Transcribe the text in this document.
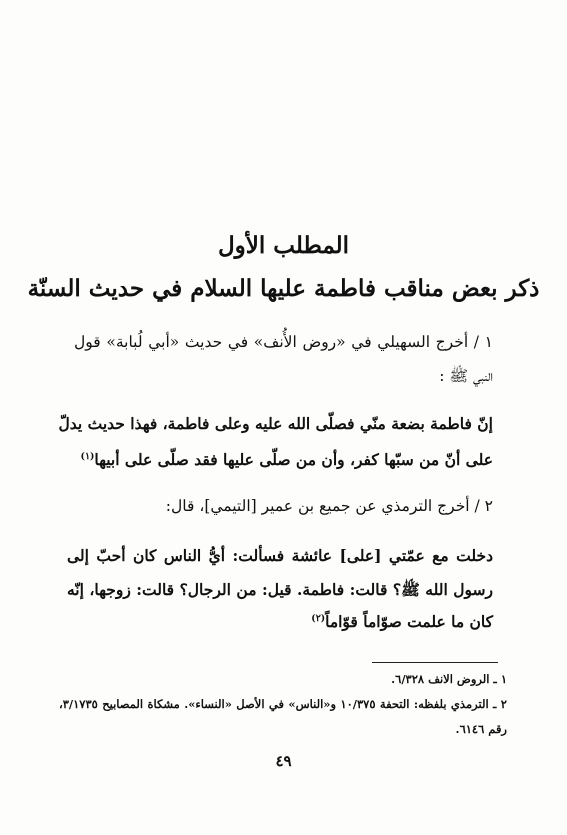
المطلب الأول
ذكر بعض مناقب فاطمة عليها السلام في حديث السنّة
١ / أخرج السهيلي في «روض الأُنف» في حديث «أبي لُبابة» قول
النبي ﷺ :
إنّ فاطمة بضعة منّي فصلّى الله عليه وعلى فاطمة، فهذا حديث يدلّ
على أنّ من سبّها كفر، وأن من صلّى عليها فقد صلّى على أبيها$^{(١)}$
٢ / أخرج الترمذي عن جميع بن عمير [التيمي]، قال:
دخلت مع عمّتي [على] عائشة فسألت: أيُّ الناس كان أحبّ إلى
رسول الله ﷺ؟ قالت: فاطمة. قيل: من الرجال؟ قالت: زوجها، إنّه
كان ما علمت صوّاماً قوّاماً$^{(٢)}$
١ ـ الروض الانف ٦/٣٢٨.
٢ ـ الترمذي بلفظه: التحفة ١٠/٣٧٥ و«الناس» في الأصل «النساء». مشكاة المصابيح ٣/١٧٣٥،
رقم ٦١٤٦.
٤٩
